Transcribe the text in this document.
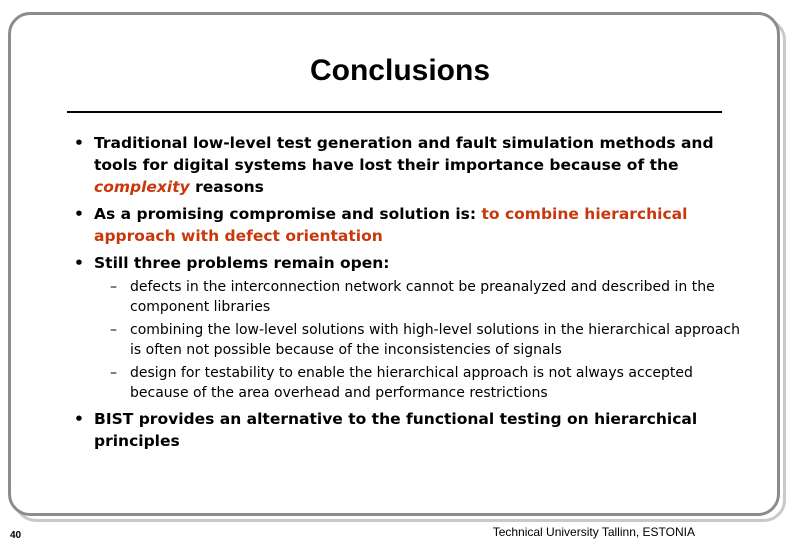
Conclusions
• Traditional low-level test generation and fault simulation methods and tools for digital systems have lost their importance because of the complexity reasons
• As a promising compromise and solution is: to combine hierarchical approach with defect orientation
• Still three problems remain open:
– defects in the interconnection network cannot be preanalyzed and described in the component libraries
– combining the low-level solutions with high-level solutions in the hierarchical approach is often not possible because of the inconsistencies of signals
– design for testability to enable the hierarchical approach is not always accepted because of the area overhead and performance restrictions
• BIST provides an alternative to the functional testing on hierarchical principles
Technical University Tallinn, ESTONIA
40
